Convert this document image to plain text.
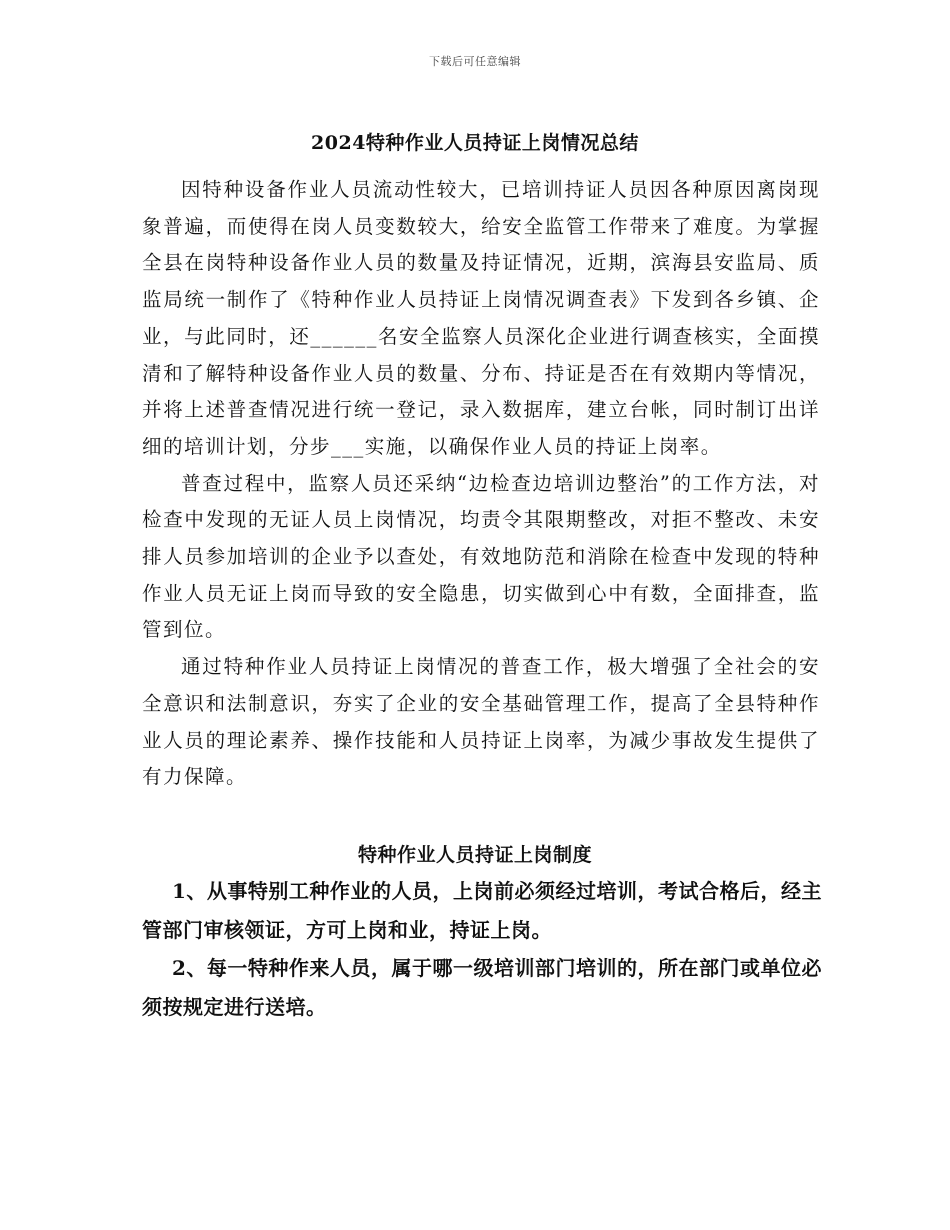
下载后可任意编辑
2024特种作业人员持证上岗情况总结

因特种设备作业人员流动性较大，已培训持证人员因各种原因离岗现象普遍，而使得在岗人员变数较大，给安全监管工作带来了难度。为掌握全县在岗特种设备作业人员的数量及持证情况，近期，滨海县安监局、质监局统一制作了《特种作业人员持证上岗情况调查表》下发到各乡镇、企业，与此同时，还______名安全监察人员深化企业进行调查核实，全面摸清和了解特种设备作业人员的数量、分布、持证是否在有效期内等情况，并将上述普查情况进行统一登记，录入数据库，建立台帐，同时制订出详细的培训计划，分步___实施，以确保作业人员的持证上岗率。

普查过程中，监察人员还采纳“边检查边培训边整治”的工作方法，对检查中发现的无证人员上岗情况，均责令其限期整改，对拒不整改、未安排人员参加培训的企业予以查处，有效地防范和消除在检查中发现的特种作业人员无证上岗而导致的安全隐患，切实做到心中有数，全面排查，监管到位。

通过特种作业人员持证上岗情况的普查工作，极大增强了全社会的安全意识和法制意识，夯实了企业的安全基础管理工作，提高了全县特种作业人员的理论素养、操作技能和人员持证上岗率，为减少事故发生提供了有力保障。

特种作业人员持证上岗制度

1、从事特别工种作业的人员，上岗前必须经过培训，考试合格后，经主管部门审核领证，方可上岗和业，持证上岗。

2、每一特种作来人员，属于哪一级培训部门培训的，所在部门或单位必须按规定进行送培。
